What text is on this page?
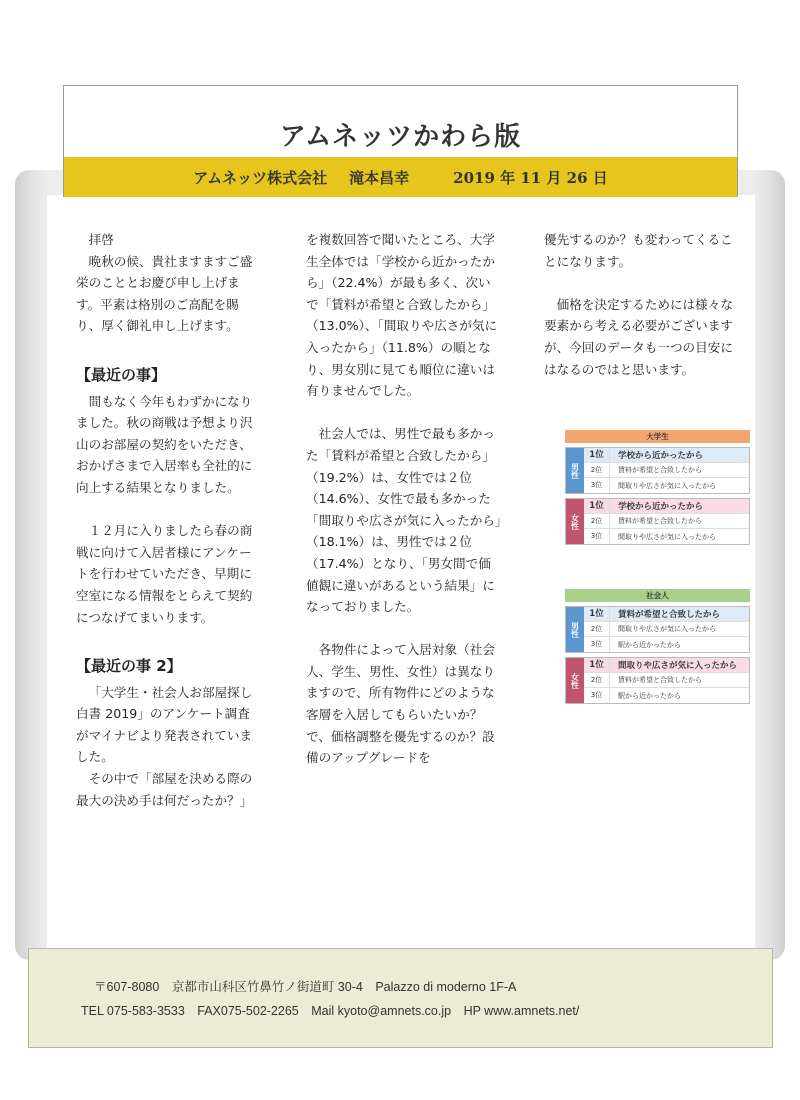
アムネッツかわら版
アムネッツ株式会社 滝本昌幸	2019 年 11 月 26 日

拝啓

晩秋の候、貴社ますますご盛栄のこととお慶び申し上げます。平素は格別のご高配を賜り、厚く御礼申し上げます。

【最近の事】

間もなく今年もわずかになりました。秋の商戦は予想より沢山のお部屋の契約をいただき、おかげさまで入居率も全社的に向上する結果となりました。

１２月に入りましたら春の商戦に向けて入居者様にアンケートを行わせていただき、早期に空室になる情報をとらえて契約につなげてまいります。

【最近の事 2】

「大学生・社会人お部屋探し白書 2019」のアンケート調査がマイナビより発表されていました。

その中で「部屋を決める際の最大の決め手は何だったか？」

を複数回答で聞いたところ、大学生全体では「学校から近かったから」（22.4%）が最も多く、次いで「賃料が希望と合致したから」（13.0%）、「間取りや広さが気に入ったから」（11.8%）の順となり、男女別に見ても順位に違いは有りませんでした。

社会人では、男性で最も多かった「賃料が希望と合致したから」（19.2%）は、女性では２位（14.6%）、女性で最も多かった「間取りや広さが気に入ったから」（18.1%）は、男性では２位（17.4%）となり、「男女間で価値観に違いがあるという結果」になっておりました。

各物件によって入居対象（社会人、学生、男性、女性）は異なりますので、所有物件にどのような客層を入居してもらいたいか？で、価格調整を優先するのか？設備のアップグレードを

優先するのか？も変わってくることになります。

価格を決定するためには様々な要素から考える必要がございますが、今回のデータも一つの目安にはなるのではと思います。

大学生
男性
1位	学校から近かったから
2位	賃料が希望と合致したから
3位	間取りや広さが気に入ったから
女性
1位	学校から近かったから
2位	賃料が希望と合致したから
3位	間取りや広さが気に入ったから
社会人
男性
1位	賃料が希望と合致したから
2位	間取りや広さが気に入ったから
3位	駅から近かったから
女性
1位	間取りや広さが気に入ったから
2位	賃料が希望と合致したから
3位	駅から近かったから
〒607-8080　京都市山科区竹鼻竹ノ街道町 30-4　Palazzo di moderno 1F-A
TEL 075-583-3533　FAX075-502-2265　Mail kyoto@amnets.co.jp　HP www.amnets.net/
